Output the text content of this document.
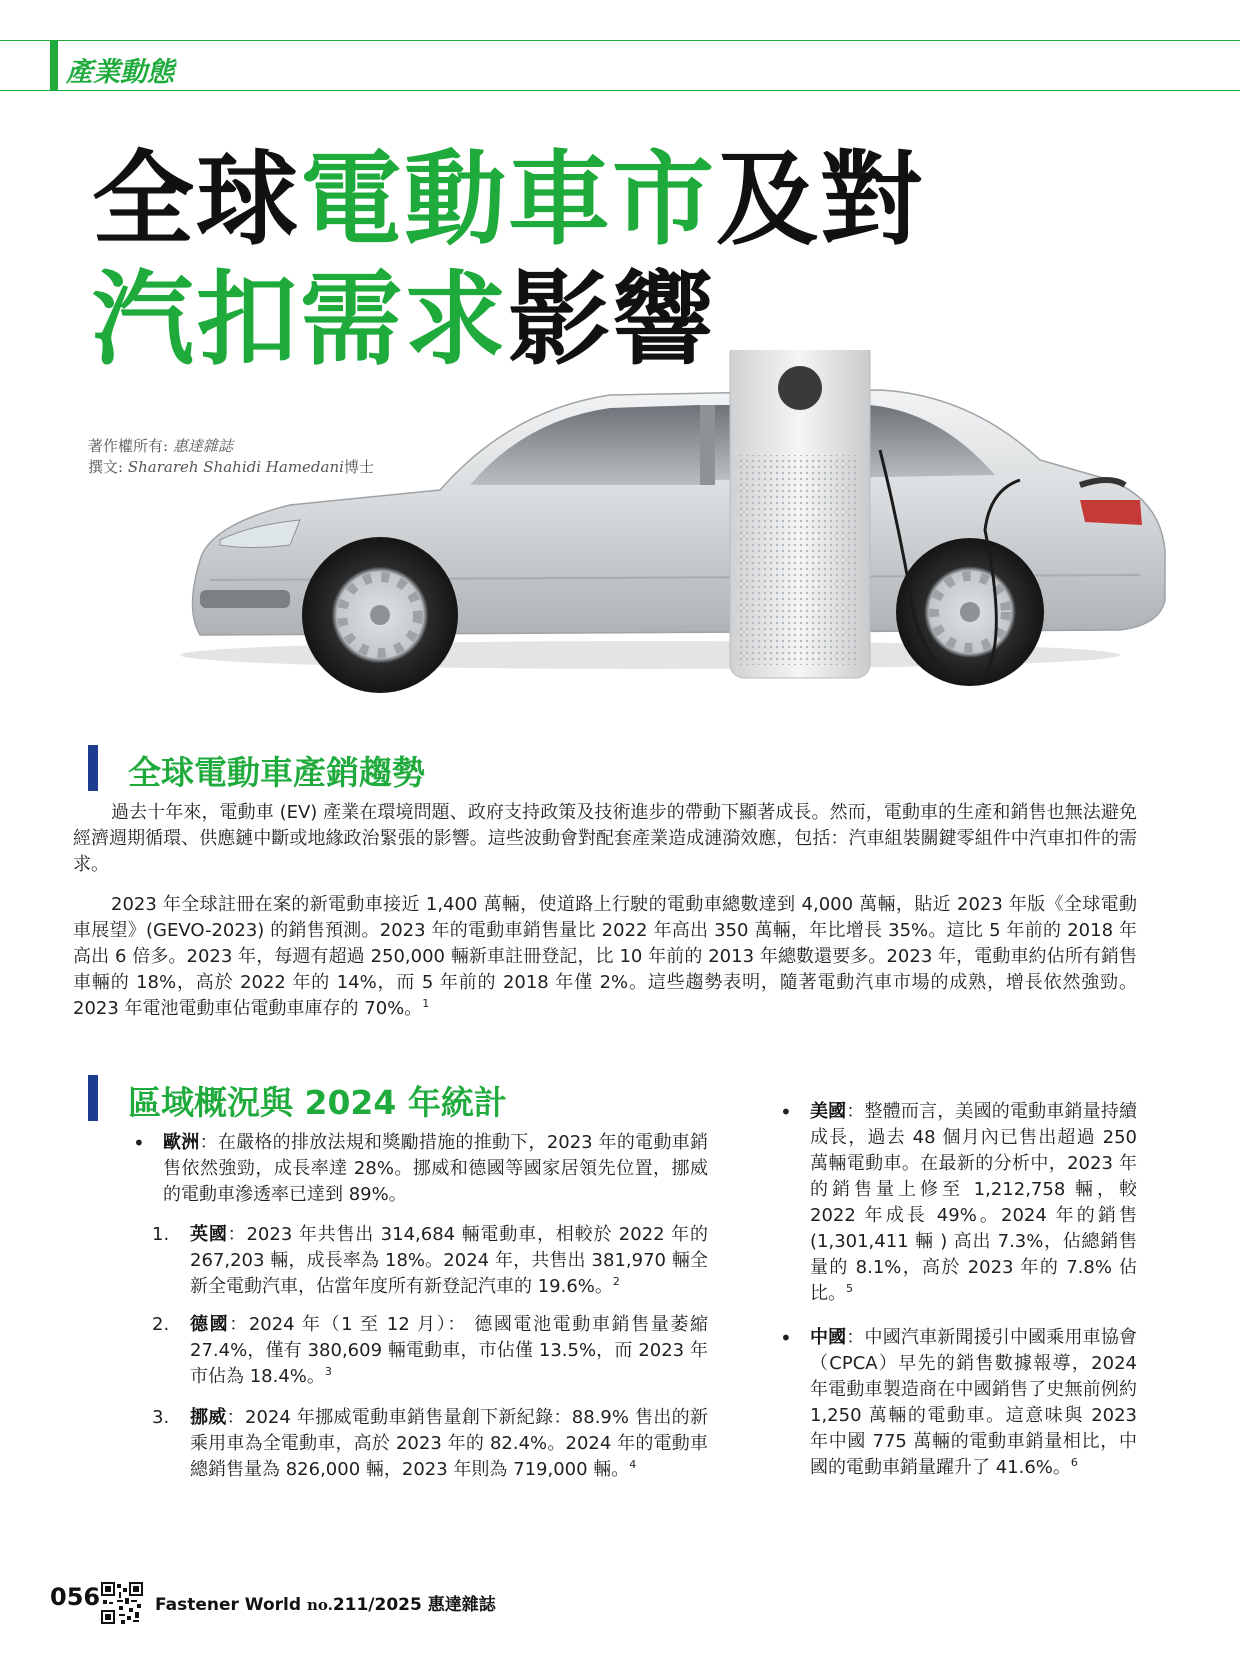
產業動態
全球電動車市及對
汽扣需求影響
著作權所有: 惠達雜誌
撰文: Sharareh Shahidi Hamedani博士
全球電動車產銷趨勢

過去十年來，電動車 (EV) 產業在環境問題、政府支持政策及技術進步的帶動下顯著成長。然而，電動車的生產和銷售也無法避免經濟週期循環、供應鏈中斷或地緣政治緊張的影響。這些波動會對配套產業造成漣漪效應，包括：汽車組裝關鍵零組件中汽車扣件的需求。

2023 年全球註冊在案的新電動車接近 1,400 萬輛，使道路上行駛的電動車總數達到 4,000 萬輛，貼近 2023 年版《全球電動車展望》(GEVO-2023) 的銷售預測。2023 年的電動車銷售量比 2022 年高出 350 萬輛，年比增長 35%。這比 5 年前的 2018 年高出 6 倍多。2023 年，每週有超過 250,000 輛新車註冊登記，比 10 年前的 2013 年總數還要多。2023 年，電動車約佔所有銷售車輛的 18%，高於 2022 年的 14%，而 5 年前的 2018 年僅 2%。這些趨勢表明，隨著電動汽車市場的成熟，增長依然強勁。2023 年電池電動車佔電動車庫存的 70%。$^1$

區域概況與 2024 年統計
• 歐洲：在嚴格的排放法規和獎勵措施的推動下，2023 年的電動車銷售依然強勁，成長率達 28%。挪威和德國等國家居領先位置，挪威的電動車滲透率已達到 89%。
1. 英國：2023 年共售出 314,684 輛電動車，相較於 2022 年的 267,203 輛，成長率為 18%。2024 年，共售出 381,970 輛全新全電動汽車，佔當年度所有新登記汽車的 19.6%。$^2$
2. 德國：2024 年（1 至 12 月）： 德國電池電動車銷售量萎縮 27.4%，僅有 380,609 輛電動車，市佔僅 13.5%，而 2023 年市佔為 18.4%。$^3$
3. 挪威：2024 年挪威電動車銷售量創下新紀錄：88.9% 售出的新乘用車為全電動車，高於 2023 年的 82.4%。2024 年的電動車總銷售量為 826,000 輛，2023 年則為 719,000 輛。$^4$
• 美國：整體而言，美國的電動車銷量持續成長，過去 48 個月內已售出超過 250 萬輛電動車。在最新的分析中，2023 年的銷售量上修至 1,212,758 輛，較 2022 年成長 49%。2024 年的銷售(1,301,411 輛 ) 高出 7.3%，佔總銷售量的 8.1%，高於 2023 年的 7.8% 佔比。$^5$
• 中國：中國汽車新聞援引中國乘用車協會（CPCA）早先的銷售數據報導，2024 年電動車製造商在中國銷售了史無前例約 1,250 萬輛的電動車。這意味與 2023 年中國 775 萬輛的電動車銷量相比，中國的電動車銷量躍升了 41.6%。$^6$
056	Fastener World no.211/2025 惠達雜誌
